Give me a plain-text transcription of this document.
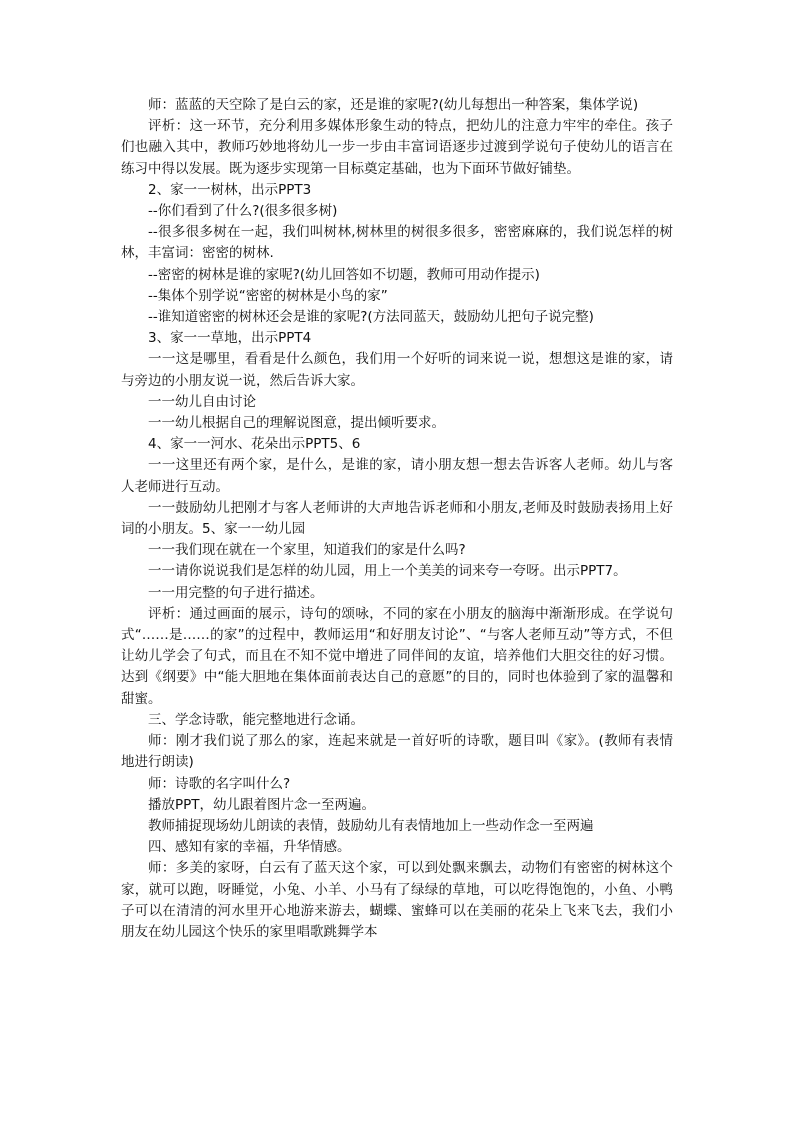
师：蓝蓝的天空除了是白云的家，还是谁的家呢?(幼儿每想出一种答案，集体学说)

评析：这一环节，充分利用多媒体形象生动的特点，把幼儿的注意力牢牢的牵住。孩子们也融入其中，教师巧妙地将幼儿一步一步由丰富词语逐步过渡到学说句子使幼儿的语言在练习中得以发展。既为逐步实现第一目标奠定基础，也为下面环节做好铺垫。

2、家一一树林，出示PPT3

--你们看到了什么?(很多很多树)

--很多很多树在一起，我们叫树林,树林里的树很多很多，密密麻麻的，我们说怎样的树林，丰富词：密密的树林.

--密密的树林是谁的家呢?(幼儿回答如不切题，教师可用动作提示)

--集体个别学说“密密的树林是小鸟的家”

--谁知道密密的树林还会是谁的家呢?(方法同蓝天，鼓励幼儿把句子说完整)

3、家一一草地，出示PPT4

一一这是哪里，看看是什么颜色，我们用一个好听的词来说一说，想想这是谁的家，请与旁边的小朋友说一说，然后告诉大家。

一一幼儿自由讨论

一一幼儿根据自己的理解说图意，提出倾听要求。

4、家一一河水、花朵出示PPT5、6

一一这里还有两个家，是什么，是谁的家，请小朋友想一想去告诉客人老师。幼儿与客人老师进行互动。

一一鼓励幼儿把刚才与客人老师讲的大声地告诉老师和小朋友,老师及时鼓励表扬用上好词的小朋友。5、家一一幼儿园

一一我们现在就在一个家里，知道我们的家是什么吗?

一一请你说说我们是怎样的幼儿园，用上一个美美的词来夸一夸呀。出示PPT7。

一一用完整的句子进行描述。

评析：通过画面的展示，诗句的颂咏，不同的家在小朋友的脑海中渐渐形成。在学说句式“……是……的家”的过程中，教师运用“和好朋友讨论”、“与客人老师互动”等方式，不但让幼儿学会了句式，而且在不知不觉中增进了同伴间的友谊，培养他们大胆交往的好习惯。达到《纲要》中“能大胆地在集体面前表达自己的意愿”的目的，同时也体验到了家的温馨和甜蜜。

三、学念诗歌，能完整地进行念诵。

师：刚才我们说了那么的家，连起来就是一首好听的诗歌，题目叫《家》。(教师有表情地进行朗读)

师：诗歌的名字叫什么?

播放PPT，幼儿跟着图片念一至两遍。

教师捕捉现场幼儿朗读的表情，鼓励幼儿有表情地加上一些动作念一至两遍

四、感知有家的幸福，升华情感。

师：多美的家呀，白云有了蓝天这个家，可以到处飘来飘去，动物们有密密的树林这个家，就可以跑，呀睡觉，小兔、小羊、小马有了绿绿的草地，可以吃得饱饱的，小鱼、小鸭子可以在清清的河水里开心地游来游去，蝴蝶、蜜蜂可以在美丽的花朵上飞来飞去，我们小朋友在幼儿园这个快乐的家里唱歌跳舞学本
